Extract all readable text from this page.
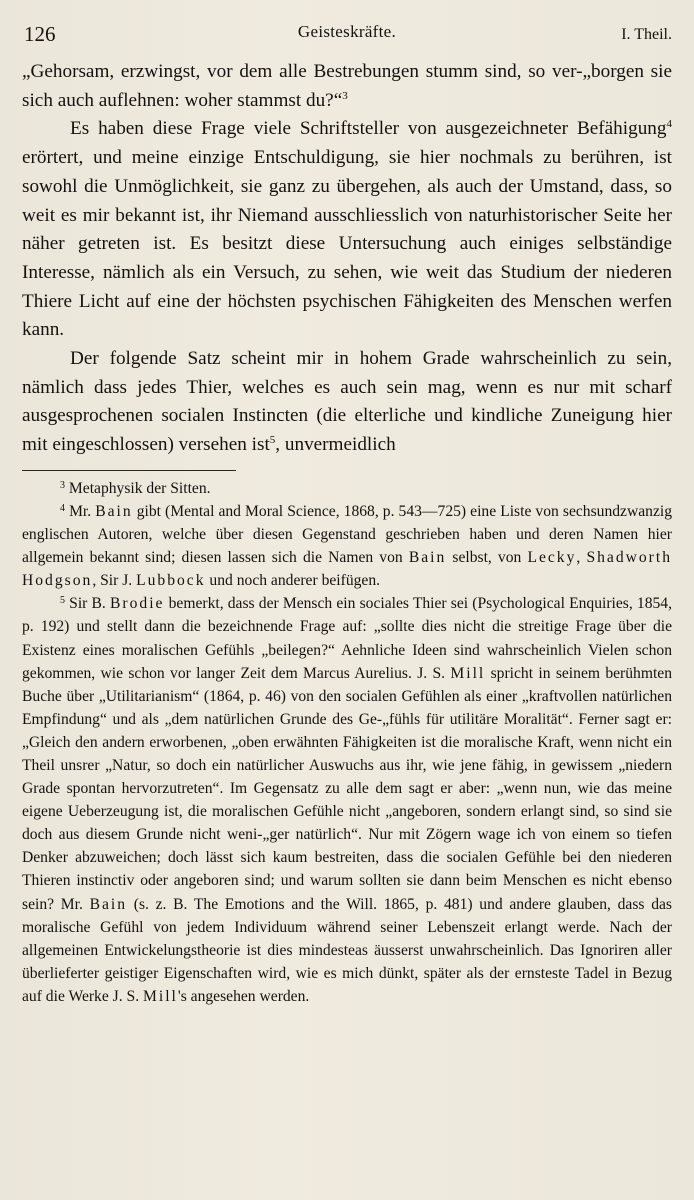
126	Geisteskräfte.	I. Theil.

„Gehorsam, erzwingst, vor dem alle Bestrebungen stumm sind, so ver-„borgen sie sich auch auflehnen: woher stammst du?“$^3$

Es haben diese Frage viele Schriftsteller von ausgezeichneter Befähigung$^4$ erörtert, und meine einzige Entschuldigung, sie hier nochmals zu berühren, ist sowohl die Unmöglichkeit, sie ganz zu übergehen, als auch der Umstand, dass, so weit es mir bekannt ist, ihr Niemand ausschliesslich von naturhistorischer Seite her näher getreten ist. Es besitzt diese Untersuchung auch einiges selbständige Interesse, nämlich als ein Versuch, zu sehen, wie weit das Studium der niederen Thiere Licht auf eine der höchsten psychischen Fähigkeiten des Menschen werfen kann.

Der folgende Satz scheint mir in hohem Grade wahrscheinlich zu sein, nämlich dass jedes Thier, welches es auch sein mag, wenn es nur mit scharf ausgesprochenen socialen Instincten (die elterliche und kindliche Zuneigung hier mit eingeschlossen) versehen ist$^5$, unvermeidlich

$^3$ Metaphysik der Sitten.

$^4$ Mr. Bain gibt (Mental and Moral Science, 1868, p. 543—725) eine Liste von sechsundzwanzig englischen Autoren, welche über diesen Gegenstand geschrieben haben und deren Namen hier allgemein bekannt sind; diesen lassen sich die Namen von Bain selbst, von Lecky, Shadworth Hodgson, Sir J. Lubbock und noch anderer beifügen.

$^5$ Sir B. Brodie bemerkt, dass der Mensch ein sociales Thier sei (Psychological Enquiries, 1854, p. 192) und stellt dann die bezeichnende Frage auf: „sollte dies nicht die streitige Frage über die Existenz eines moralischen Gefühls „beilegen?“ Aehnliche Ideen sind wahrscheinlich Vielen schon gekommen, wie schon vor langer Zeit dem Marcus Aurelius. J. S. Mill spricht in seinem berühmten Buche über „Utilitarianism“ (1864, p. 46) von den socialen Gefühlen als einer „kraftvollen natürlichen Empfindung“ und als „dem natürlichen Grunde des Ge-„fühls für utilitäre Moralität“. Ferner sagt er: „Gleich den andern erworbenen, „oben erwähnten Fähigkeiten ist die moralische Kraft, wenn nicht ein Theil unsrer „Natur, so doch ein natürlicher Auswuchs aus ihr, wie jene fähig, in gewissem „niedern Grade spontan hervorzutreten“. Im Gegensatz zu alle dem sagt er aber: „wenn nun, wie das meine eigene Ueberzeugung ist, die moralischen Gefühle nicht „angeboren, sondern erlangt sind, so sind sie doch aus diesem Grunde nicht weni-„ger natürlich“. Nur mit Zögern wage ich von einem so tiefen Denker abzuweichen; doch lässt sich kaum bestreiten, dass die socialen Gefühle bei den niederen Thieren instinctiv oder angeboren sind; und warum sollten sie dann beim Menschen es nicht ebenso sein? Mr. Bain (s. z. B. The Emotions and the Will. 1865, p. 481) und andere glauben, dass das moralische Gefühl von jedem Individuum während seiner Lebenszeit erlangt werde. Nach der allgemeinen Entwickelungstheorie ist dies mindesteas äusserst unwahrscheinlich. Das Ignoriren aller überlieferter geistiger Eigenschaften wird, wie es mich dünkt, später als der ernsteste Tadel in Bezug auf die Werke J. S. Mill's angesehen werden.
